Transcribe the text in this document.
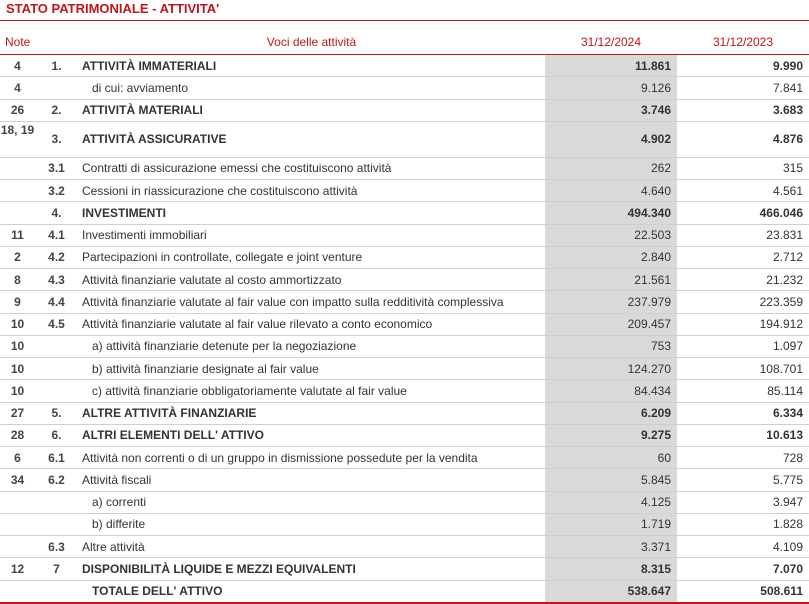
STATO PATRIMONIALE - ATTIVITA'
Note		Voci delle attività	31/12/2024	31/12/2023
4	1.	ATTIVITÀ IMMATERIALI	11.861	9.990
4		di cui: avviamento	9.126	7.841
26	2.	ATTIVITÀ MATERIALI	3.746	3.683
18, 19	3.	ATTIVITÀ ASSICURATIVE	4.902	4.876
	3.1	Contratti di assicurazione emessi che costituiscono attività	262	315
	3.2	Cessioni in riassicurazione che costituiscono attività	4.640	4.561
	4.	INVESTIMENTI	494.340	466.046
11	4.1	Investimenti immobiliari	22.503	23.831
2	4.2	Partecipazioni in controllate, collegate e joint venture	2.840	2.712
8	4.3	Attività finanziarie valutate al costo ammortizzato	21.561	21.232
9	4.4	Attività finanziarie valutate al fair value con impatto sulla redditività complessiva	237.979	223.359
10	4.5	Attività finanziarie valutate al fair value rilevato a conto economico	209.457	194.912
10		a) attività finanziarie detenute per la negoziazione	753	1.097
10		b) attività finanziarie designate al fair value	124.270	108.701
10		c) attività finanziarie obbligatoriamente valutate al fair value	84.434	85.114
27	5.	ALTRE ATTIVITÀ FINANZIARIE	6.209	6.334
28	6.	ALTRI ELEMENTI DELL' ATTIVO	9.275	10.613
6	6.1	Attività non correnti o di un gruppo in dismissione possedute per la vendita	60	728
34	6.2	Attività fiscali	5.845	5.775
		a) correnti	4.125	3.947
		b) differite	1.719	1.828
	6.3	Altre attività	3.371	4.109
12	7	DISPONIBILITÀ LIQUIDE E MEZZI EQUIVALENTI	8.315	7.070
		TOTALE DELL' ATTIVO	538.647	508.611
